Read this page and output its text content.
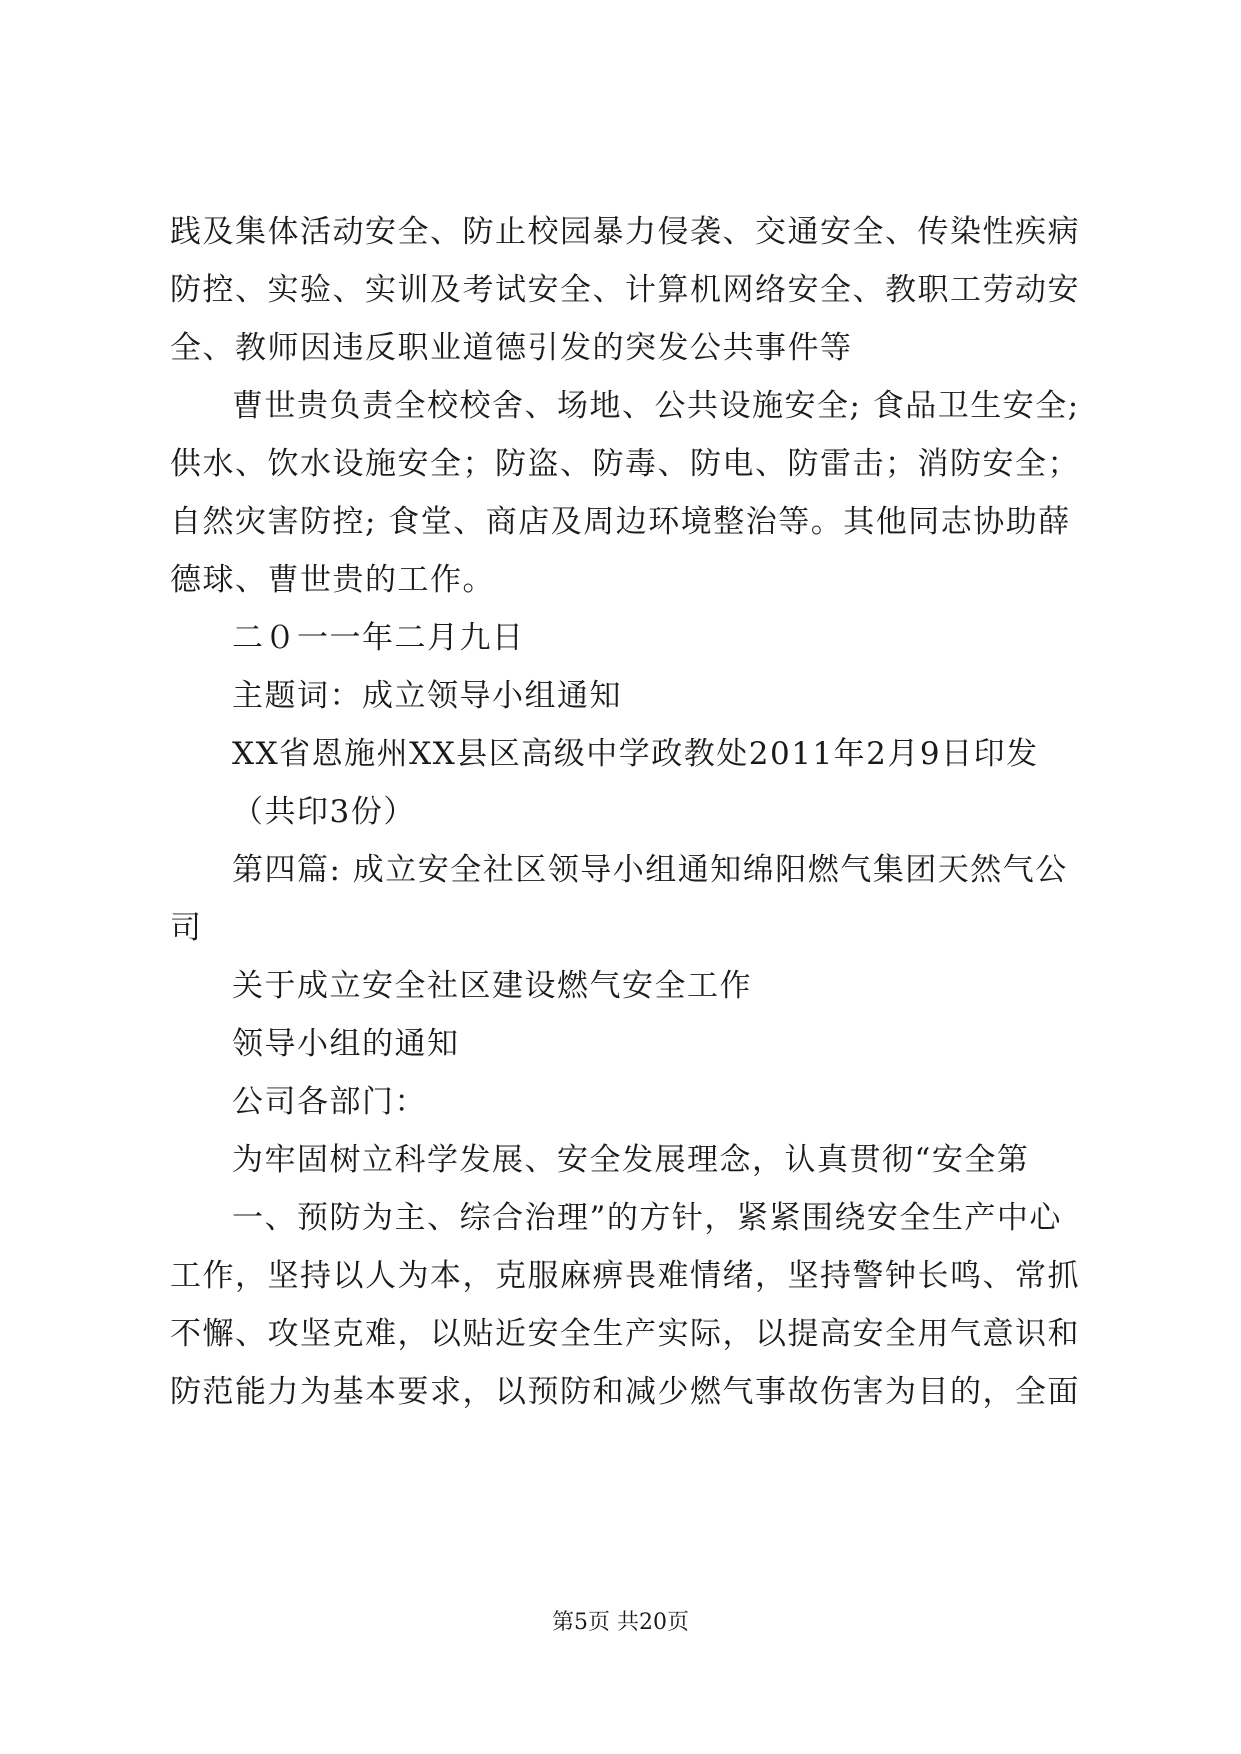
践及集体活动安全、防止校园暴力侵袭、交通安全、传染性疾病
防控、实验、实训及考试安全、计算机网络安全、教职工劳动安
全、教师因违反职业道德引发的突发公共事件等
曹世贵负责全校校舍、场地、公共设施安全; 食品卫生安全;
供水、饮水设施安全；防盗、防毒、防电、防雷击；消防安全；
自然灾害防控; 食堂、商店及周边环境整治等。其他同志协助薛
德球、曹世贵的工作。
二０一一年二月九日
主题词：成立领导小组通知
XX省恩施州XX县区高级中学政教处2011年2月9日印发
（共印3份）
第四篇: 成立安全社区领导小组通知绵阳燃气集团天然气公
司
关于成立安全社区建设燃气安全工作
领导小组的通知
公司各部门：
为牢固树立科学发展、安全发展理念，认真贯彻“安全第
一、预防为主、综合治理”的方针，紧紧围绕安全生产中心
工作，坚持以人为本，克服麻痹畏难情绪，坚持警钟长鸣、常抓
不懈、攻坚克难，以贴近安全生产实际，以提高安全用气意识和
防范能力为基本要求，以预防和减少燃气事故伤害为目的，全面
第5页 共20页
